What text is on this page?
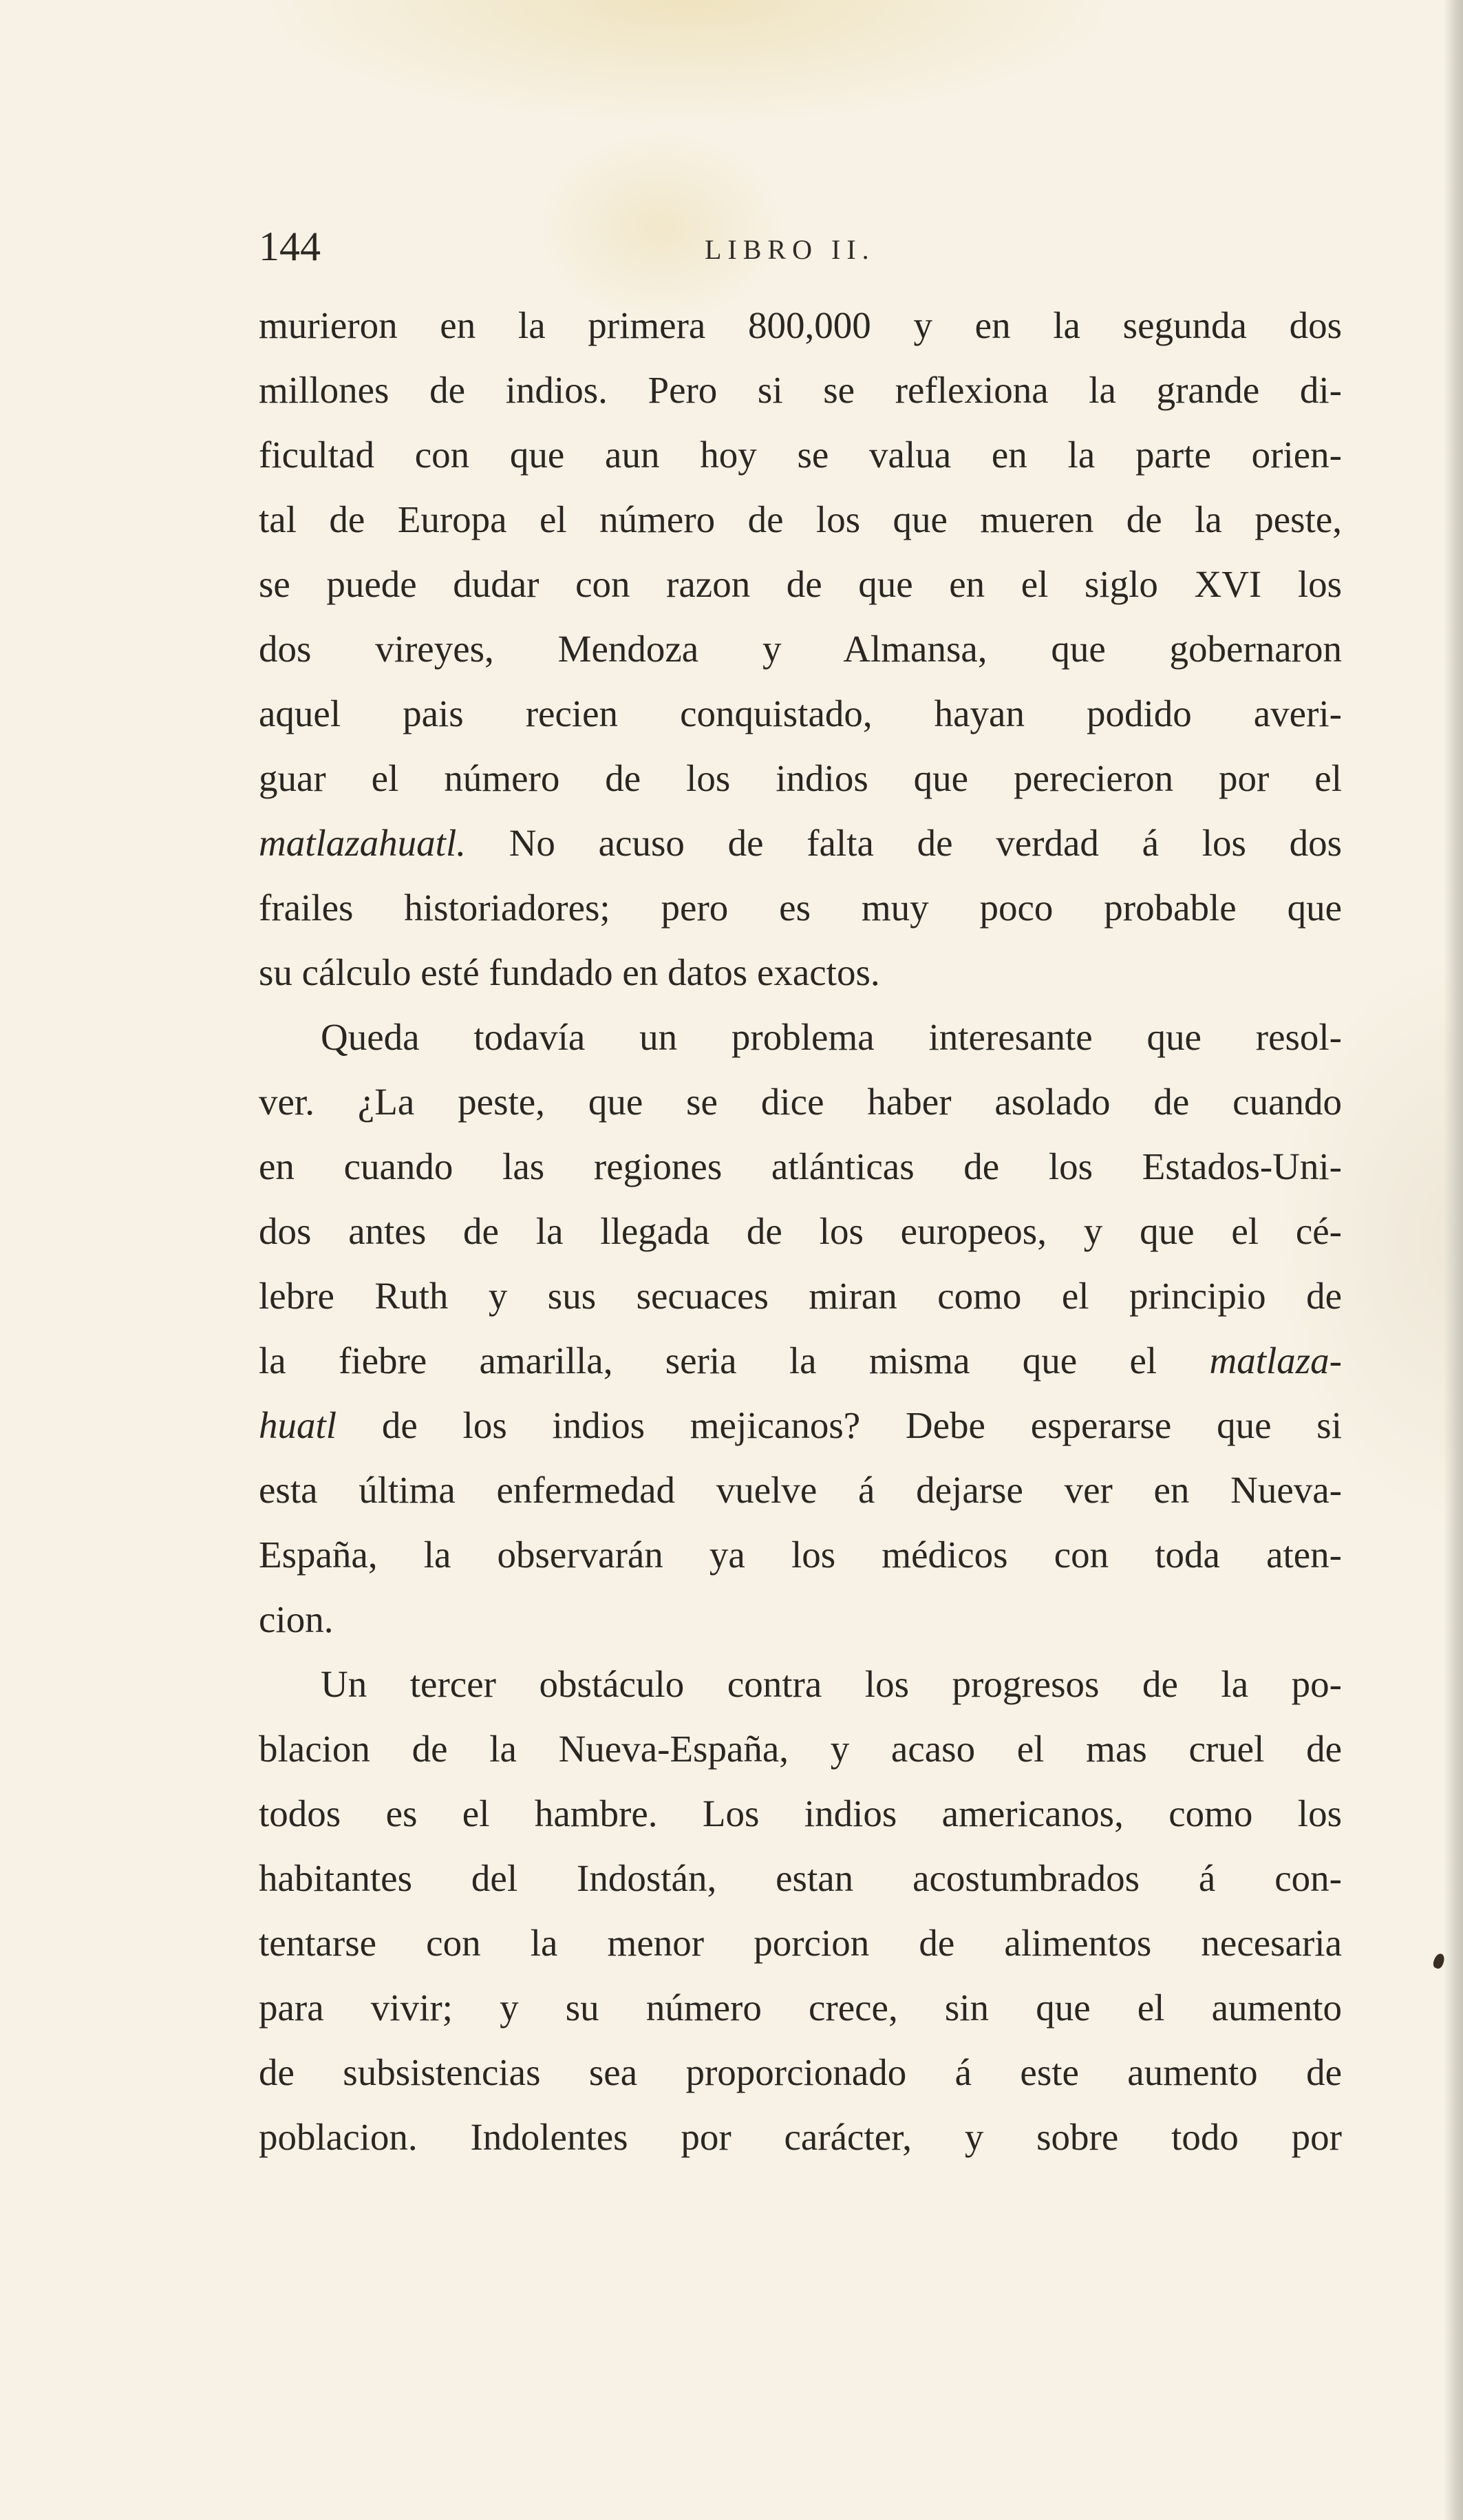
144	LIBRO II.
murieron en la primera 800,000 y en la segunda dos
millones de indios. Pero si se reflexiona la grande di-
ficultad con que aun hoy se valua en la parte orien-
tal de Europa el número de los que mueren de la peste,
se puede dudar con razon de que en el siglo XVI los
dos vireyes, Mendoza y Almansa, que gobernaron
aquel pais recien conquistado, hayan podido averi-
guar el número de los indios que perecieron por el
matlazahuatl. No acuso de falta de verdad á los dos
frailes historiadores; pero es muy poco probable que
su cálculo esté fundado en datos exactos.
Queda todavía un problema interesante que resol-
ver. ¿La peste, que se dice haber asolado de cuando
en cuando las regiones atlánticas de los Estados-Uni-
dos antes de la llegada de los europeos, y que el cé-
lebre Ruth y sus secuaces miran como el principio de
la fiebre amarilla, seria la misma que el matlaza-
huatl de los indios mejicanos? Debe esperarse que si
esta última enfermedad vuelve á dejarse ver en Nueva-
España, la observarán ya los médicos con toda aten-
cion.
Un tercer obstáculo contra los progresos de la po-
blacion de la Nueva-España, y acaso el mas cruel de
todos es el hambre. Los indios americanos, como los
habitantes del Indostán, estan acostumbrados á con-
tentarse con la menor porcion de alimentos necesaria
para vivir; y su número crece, sin que el aumento
de subsistencias sea proporcionado á este aumento de
poblacion. Indolentes por carácter, y sobre todo por
